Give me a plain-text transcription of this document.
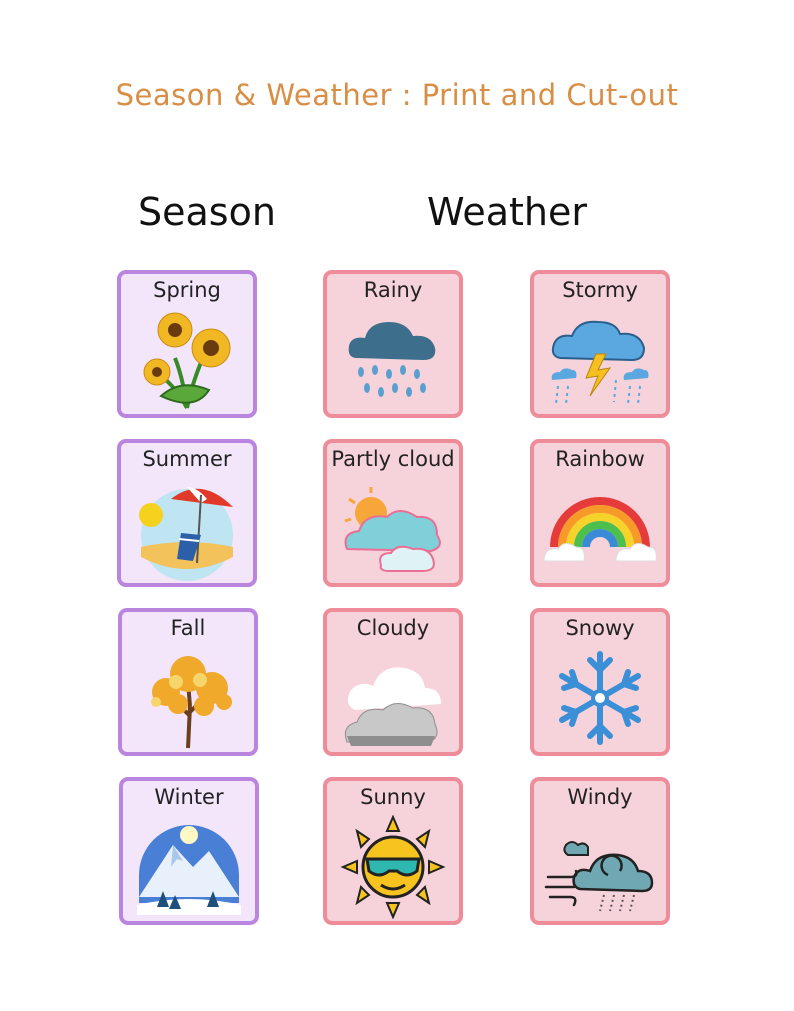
Season & Weather : Print and Cut-out
Season	Weather
Spring
Summer
Fall
Winter
Rainy
Partly cloud
Cloudy
Sunny
Stormy
Rainbow
Snowy
Windy
